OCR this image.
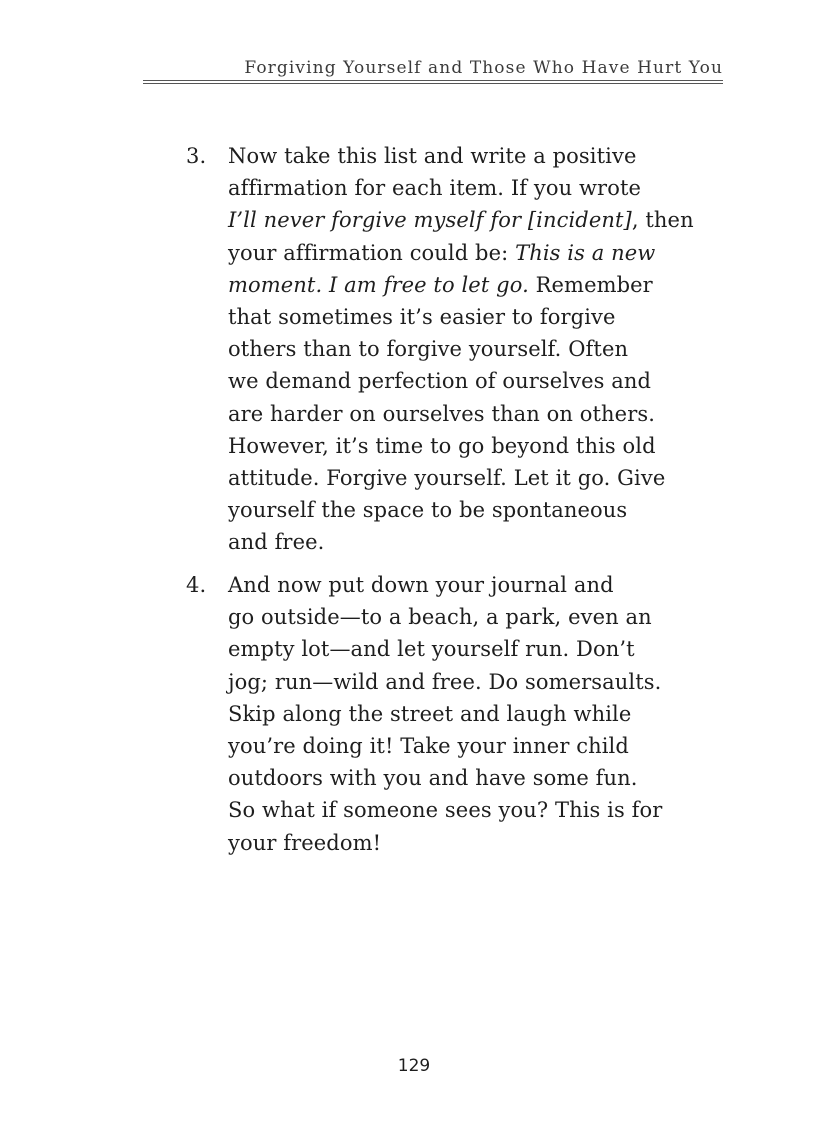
Forgiving Yourself and Those Who Have Hurt You
3. Now take this list and write a positive
affirmation for each item. If you wrote
I’ll never forgive myself for [incident], then
your affirmation could be: This is a new
moment. I am free to let go. Remember
that sometimes it’s easier to forgive
others than to forgive yourself. Often
we demand perfection of ourselves and
are harder on ourselves than on others.
However, it’s time to go beyond this old
attitude. Forgive yourself. Let it go. Give
yourself the space to be spontaneous
and free.
4. And now put down your journal and
go outside—to a beach, a park, even an
empty lot—and let yourself run. Don’t
jog; run—wild and free. Do somersaults.
Skip along the street and laugh while
you’re doing it! Take your inner child
outdoors with you and have some fun.
So what if someone sees you? This is for
your freedom!
129
